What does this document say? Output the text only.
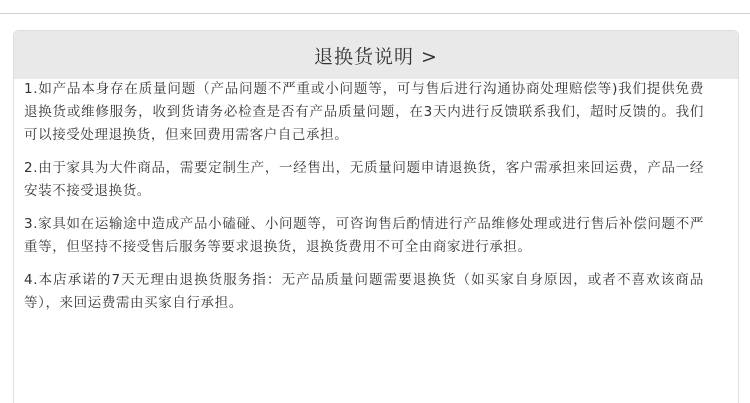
退换货说明 >

1.如产品本身存在质量问题（产品问题不严重或小问题等，可与售后进行沟通协商处理赔偿等)我们提供免费退换货或维修服务，收到货请务必检查是否有产品质量问题，在3天内进行反馈联系我们，超时反馈的。我们可以接受处理退换货，但来回费用需客户自己承担。

2.由于家具为大件商品，需要定制生产，一经售出，无质量问题申请退换货，客户需承担来回运费，产品一经安装不接受退换货。

3.家具如在运输途中造成产品小磕碰、小问题等，可咨询售后酌情进行产品维修处理或进行售后补偿问题不严重等，但坚持不接受售后服务等要求退换货，退换货费用不可全由商家进行承担。

4.本店承诺的7天无理由退换货服务指：无产品质量问题需要退换货（如买家自身原因，或者不喜欢该商品等），来回运费需由买家自行承担。
